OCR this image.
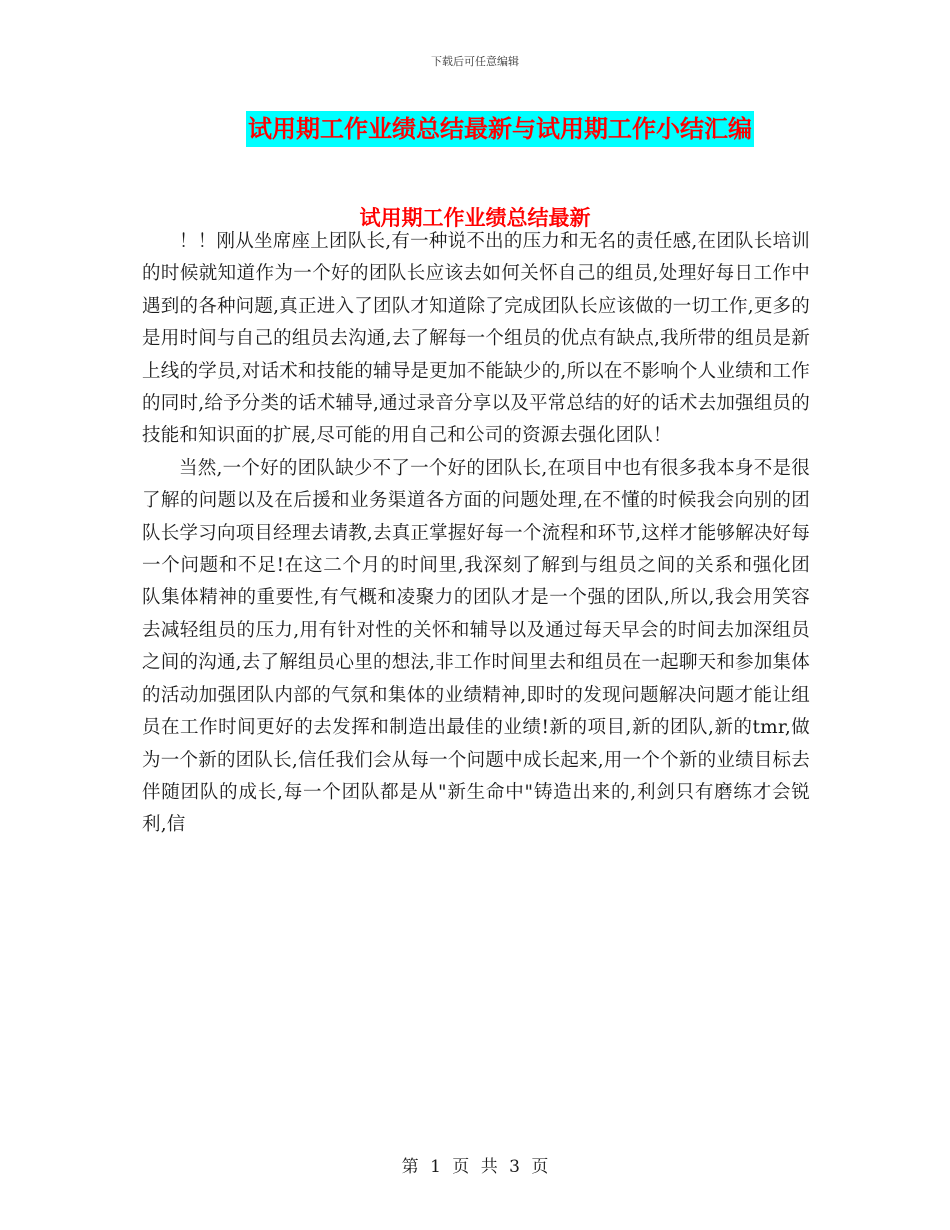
下载后可任意编辑
试用期工作业绩总结最新与试用期工作小结汇编
试用期工作业绩总结最新

！！刚从坐席座上团队长,有一种说不出的压力和无名的责任感,在团队长培训的时候就知道作为一个好的团队长应该去如何关怀自己的组员,处理好每日工作中遇到的各种问题,真正进入了团队才知道除了完成团队长应该做的一切工作,更多的是用时间与自己的组员去沟通,去了解每一个组员的优点有缺点,我所带的组员是新上线的学员,对话术和技能的辅导是更加不能缺少的,所以在不影响个人业绩和工作的同时,给予分类的话术辅导,通过录音分享以及平常总结的好的话术去加强组员的技能和知识面的扩展,尽可能的用自己和公司的资源去强化团队！

当然,一个好的团队缺少不了一个好的团队长,在项目中也有很多我本身不是很了解的问题以及在后援和业务渠道各方面的问题处理,在不懂的时候我会向别的团队长学习向项目经理去请教,去真正掌握好每一个流程和环节,这样才能够解决好每一个问题和不足!在这二个月的时间里,我深刻了解到与组员之间的关系和强化团队集体精神的重要性,有气概和凌聚力的团队才是一个强的团队,所以,我会用笑容去减轻组员的压力,用有针对性的关怀和辅导以及通过每天早会的时间去加深组员之间的沟通,去了解组员心里的想法,非工作时间里去和组员在一起聊天和参加集体的活动加强团队内部的气氛和集体的业绩精神,即时的发现问题解决问题才能让组员在工作时间更好的去发挥和制造出最佳的业绩!新的项目,新的团队,新的tmr,做为一个新的团队长,信任我们会从每一个问题中成长起来,用一个个新的业绩目标去伴随团队的成长,每一个团队都是从"新生命中"铸造出来的,利剑只有磨练才会锐利,信

第 1 页 共 3 页
